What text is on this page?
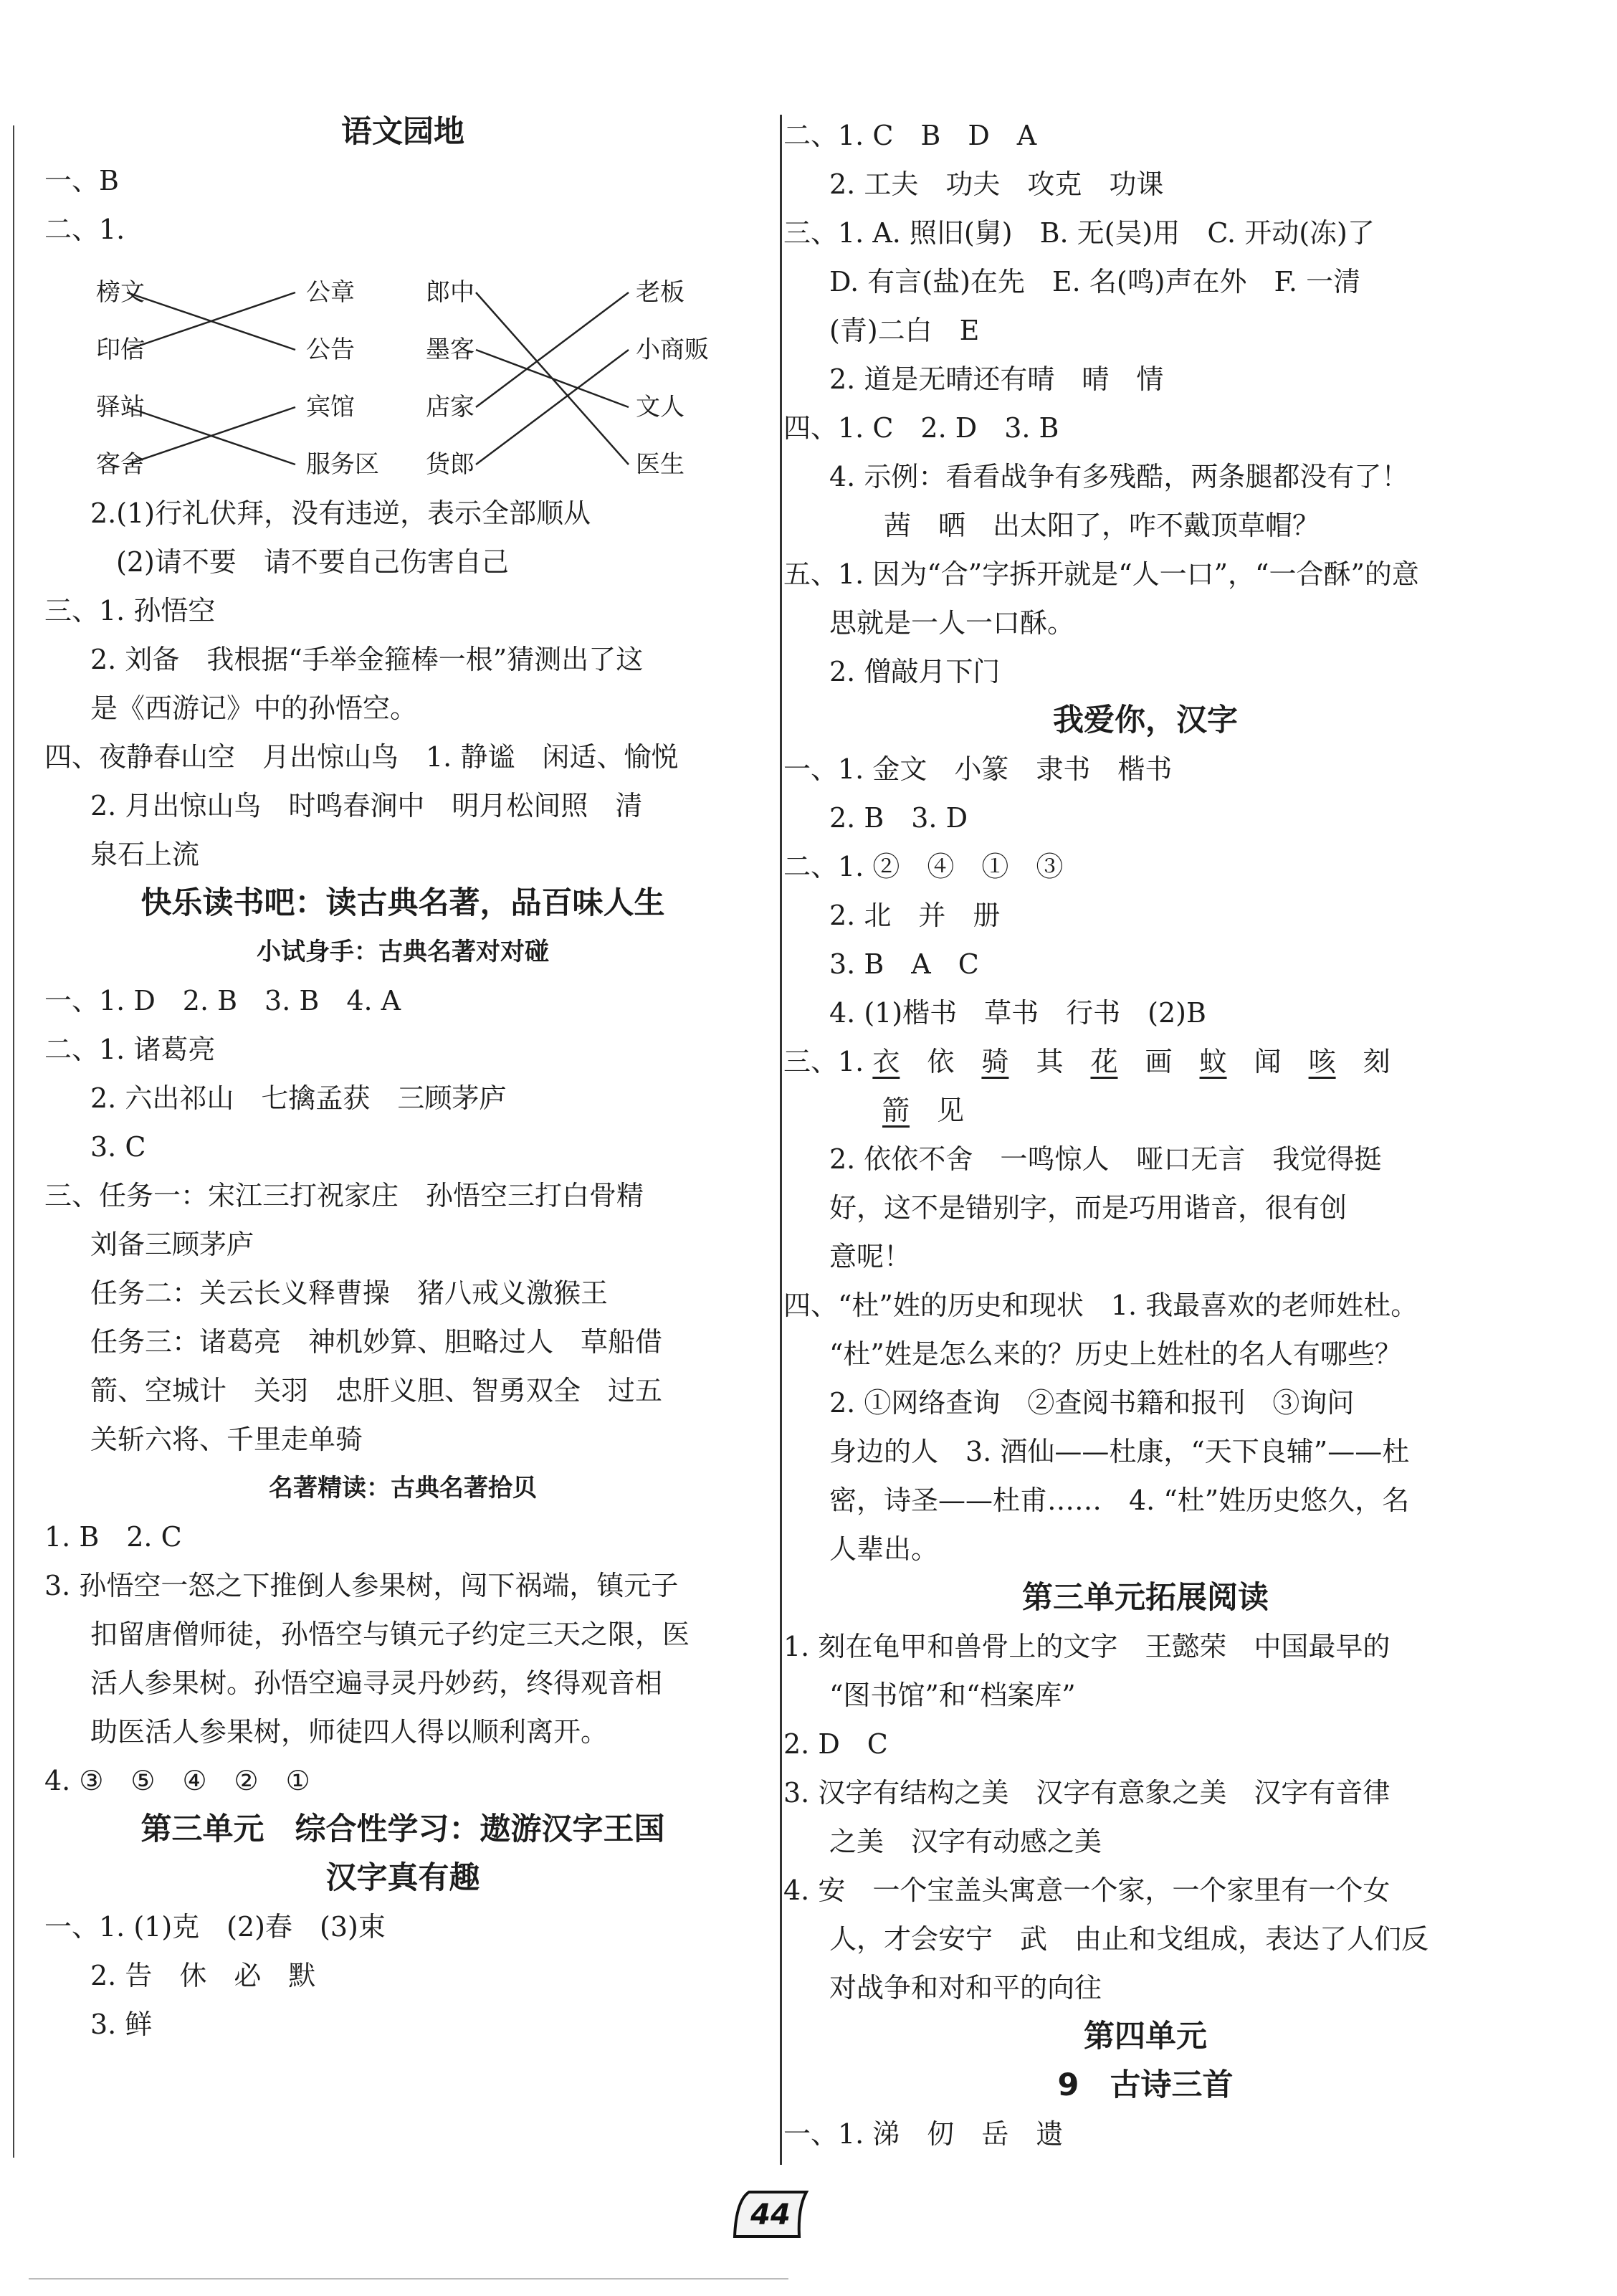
语文园地
一、B
二、1.
榜文
印信
驿站
客舍
公章
公告
宾馆
服务区
郎中
墨客
店家
货郎
老板
小商贩
文人
医生
2.(1)行礼伏拜，没有违逆，表示全部顺从
(2)请不要　请不要自己伤害自己
三、1. 孙悟空
2. 刘备　我根据“手举金箍棒一根”猜测出了这
是《西游记》中的孙悟空。
四、夜静春山空　月出惊山鸟　1. 静谧　闲适、愉悦
2. 月出惊山鸟　时鸣春涧中　明月松间照　清
泉石上流
快乐读书吧：读古典名著，品百味人生
小试身手：古典名著对对碰
一、1. D　2. B　3. B　4. A
二、1. 诸葛亮
2. 六出祁山　七擒孟获　三顾茅庐
3. C
三、任务一：宋江三打祝家庄　孙悟空三打白骨精
刘备三顾茅庐
任务二：关云长义释曹操　猪八戒义激猴王
任务三：诸葛亮　神机妙算、胆略过人　草船借
箭、空城计　关羽　忠肝义胆、智勇双全　过五
关斩六将、千里走单骑
名著精读：古典名著拾贝
1. B　2. C
3. 孙悟空一怒之下推倒人参果树，闯下祸端，镇元子
扣留唐僧师徒，孙悟空与镇元子约定三天之限，医
活人参果树。孙悟空遍寻灵丹妙药，终得观音相
助医活人参果树，师徒四人得以顺利离开。
4. ③　⑤　④　②　①
第三单元　综合性学习：遨游汉字王国
汉字真有趣
一、1. (1)克　(2)春　(3)束
2. 告　休　必　默
3. 鲜
二、1. C　B　D　A
2. 工夫　功夫　攻克　功课
三、1. A. 照旧(舅)　B. 无(吴)用　C. 开动(冻)了
D. 有言(盐)在先　E. 名(鸣)声在外　F. 一清
(青)二白　E
2. 道是无晴还有晴　晴　情
四、1. C　2. D　3. B
4. 示例：看看战争有多残酷，两条腿都没有了！
茜　晒　出太阳了，咋不戴顶草帽？
五、1. 因为“合”字拆开就是“人一口”，“一合酥”的意
思就是一人一口酥。
2. 僧敲月下门
我爱你，汉字
一、1. 金文　小篆　隶书　楷书
2. B　3. D
二、1. ②　④　①　③
2. 北　并　册
3. B　A　C
4. (1)楷书　草书　行书　(2)B
三、1. 衣　 依　 骑　 其　 花　 画　 蚊　 闻　 咳　 刻
箭　 见
2. 依依不舍　一鸣惊人　哑口无言　我觉得挺
好，这不是错别字，而是巧用谐音，很有创
意呢！
四、“杜”姓的历史和现状　1. 我最喜欢的老师姓杜。
“杜”姓是怎么来的？历史上姓杜的名人有哪些？
2. ①网络查询　②查阅书籍和报刊　③询问
身边的人　3. 酒仙——杜康，“天下良辅”——杜
密，诗圣——杜甫……　4. “杜”姓历史悠久，名
人辈出。
第三单元拓展阅读
1. 刻在龟甲和兽骨上的文字　王懿荣　中国最早的
“图书馆”和“档案库”
2. D　C
3. 汉字有结构之美　汉字有意象之美　汉字有音律
之美　汉字有动感之美
4. 安　一个宝盖头寓意一个家，一个家里有一个女
人，才会安宁　武　由止和戈组成，表达了人们反
对战争和对和平的向往
第四单元
9　古诗三首
一、1. 涕　仞　岳　遗
44
